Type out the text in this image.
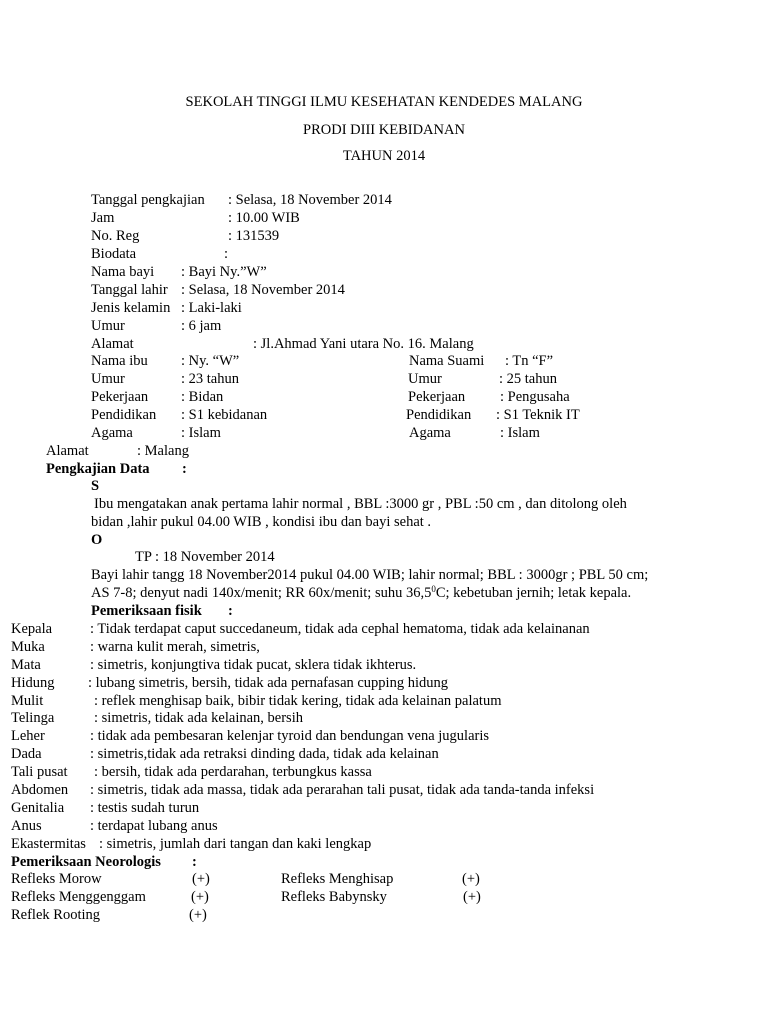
SEKOLAH TINGGI ILMU KESEHATAN KENDEDES MALANG
PRODI DIII KEBIDANAN
TAHUN 2014
Tanggal pengkajian : Selasa, 18 November 2014
Jam	: 10.00 WIB
No. Reg	: 131539
Biodata	:
Nama bayi : Bayi Ny.”W”
Tanggal lahir : Selasa, 18 November 2014
Jenis kelamin : Laki-laki
Umur	: 6 jam
Alamat	: Jl.Ahmad Yani utara No. 16. Malang
Nama ibu : Ny. “W”	Nama Suami : Tn “F”
Umur	: 23 tahun	Umur	: 25 tahun
Pekerjaan : Bidan	Pekerjaan : Pengusaha
Pendidikan : S1 kebidanan	Pendidikan : S1 Teknik IT
Agama	: Islam	Agama	: Islam
Alamat	: Malang
Pengkajian Data :
S
Ibu mengatakan anak pertama lahir normal , BBL :3000 gr , PBL :50 cm , dan ditolong oleh
bidan ,lahir pukul 04.00 WIB , kondisi ibu dan bayi sehat .
O
TP : 18 November 2014
Bayi lahir tangg 18 November2014 pukul 04.00 WIB; lahir normal; BBL : 3000gr ; PBL 50 cm;
AS 7-8; denyut nadi 140x/menit; RR 60x/menit; suhu 36,5$^0$C; kebetuban jernih; letak kepala.
Pemeriksaan fisik :
Kepala	: Tidak terdapat caput succedaneum, tidak ada cephal hematoma, tidak ada kelainanan
Muka	: warna kulit merah, simetris,
Mata	: simetris, konjungtiva tidak pucat, sklera tidak ikhterus.
Hidung : lubang simetris, bersih, tidak ada pernafasan cupping hidung
Mulit	: reflek menghisap baik, bibir tidak kering, tidak ada kelainan palatum
Telinga	: simetris, tidak ada kelainan, bersih
Leher	: tidak ada pembesaran kelenjar tyroid dan bendungan vena jugularis
Dada	: simetris,tidak ada retraksi dinding dada, tidak ada kelainan
Tali pusat : bersih, tidak ada perdarahan, terbungkus kassa
Abdomen : simetris, tidak ada massa, tidak ada perarahan tali pusat, tidak ada tanda-tanda infeksi
Genitalia : testis sudah turun
Anus	: terdapat lubang anus
Ekastermitas : simetris, jumlah dari tangan dan kaki lengkap
Pemeriksaan Neorologis :
Refleks Morow	(+)	Refleks Menghisap	(+)
Refleks Menggenggam	(+)	Refleks Babynsky	(+)
Reflek Rooting	(+)
